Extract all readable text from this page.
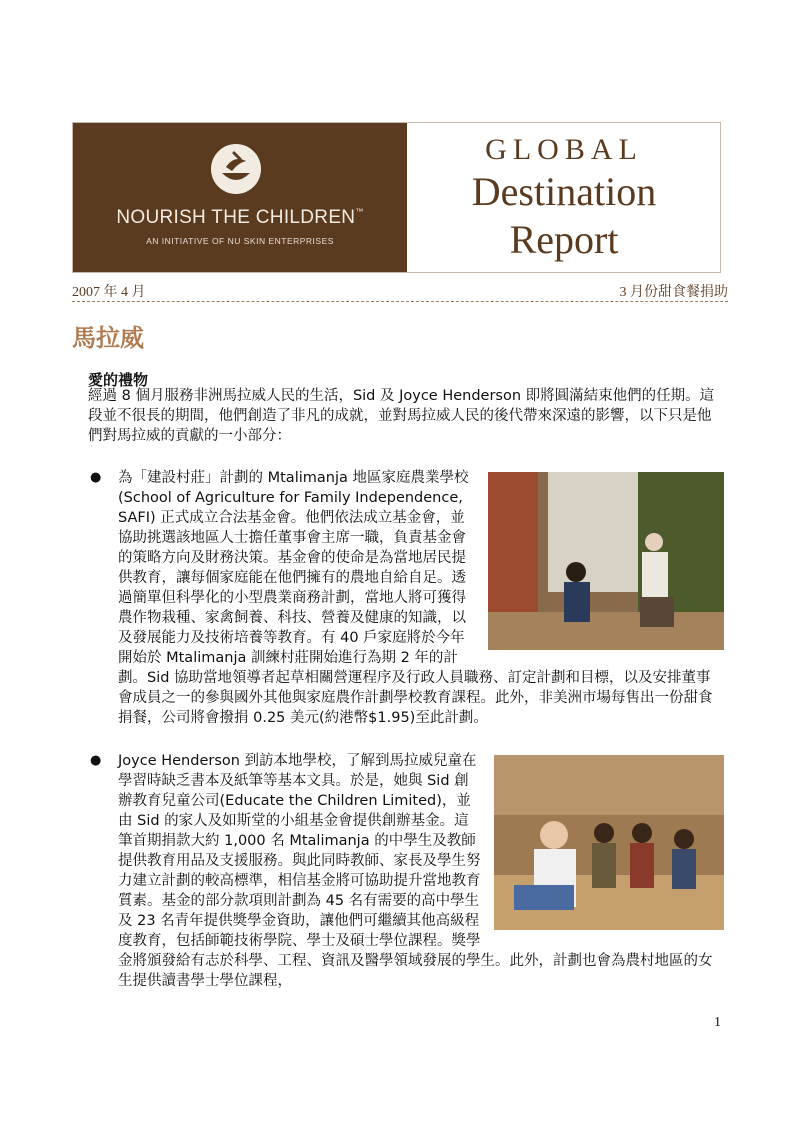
NOURISH THE CHILDREN™
AN INITIATIVE OF NU SKIN ENTERPRISES
GLOBAL
Destination
Report
2007 年 4 月	3 月份甜食餐捐助
馬拉威
愛的禮物
經過 8 個月服務非洲馬拉威人民的生活，Sid 及 Joyce Henderson 即將圓滿結束他們的任期。這段並不很長的期間，他們創造了非凡的成就，並對馬拉威人民的後代帶來深遠的影響，以下只是他們對馬拉威的貢獻的一小部分：
● 為「建設村莊」計劃的 Mtalimanja 地區家庭農業學校(School of Agriculture for Family Independence, SAFI) 正式成立合法基金會。他們依法成立基金會，並協助挑選該地區人士擔任董事會主席一職，負責基金會的策略方向及財務決策。基金會的使命是為當地居民提供教育，讓每個家庭能在他們擁有的農地自給自足。透過簡單但科學化的小型農業商務計劃，當地人將可獲得農作物栽種、家禽飼養、科技、營養及健康的知識，以及發展能力及技術培養等教育。有 40 戶家庭將於今年開始於 Mtalimanja 訓練村莊開始進行為期 2 年的計劃。Sid 協助當地領導者起草相關營運程序及行政人員職務、訂定計劃和目標，以及安排董事會成員之一的參與國外其他與家庭農作計劃學校教育課程。此外，非美洲市場每售出一份甜食捐餐，公司將會撥捐 0.25 美元(約港幣$1.95)至此計劃。
● Joyce Henderson 到訪本地學校，了解到馬拉威兒童在學習時缺乏書本及紙筆等基本文具。於是，她與 Sid 創辦教育兒童公司(Educate the Children Limited)，並由 Sid 的家人及如斯堂的小組基金會提供創辦基金。這筆首期捐款大約 1,000 名 Mtalimanja 的中學生及教師提供教育用品及支援服務。與此同時教師、家長及學生努力建立計劃的較高標準，相信基金將可協助提升當地教育質素。基金的部分款項則計劃為 45 名有需要的高中學生及 23 名青年提供獎學金資助，讓他們可繼續其他高級程度教育，包括師範技術學院、學士及碩士學位課程。獎學金將頒發給有志於科學、工程、資訊及醫學領域發展的學生。此外，計劃也會為農村地區的女生提供讀書學士學位課程，
1
